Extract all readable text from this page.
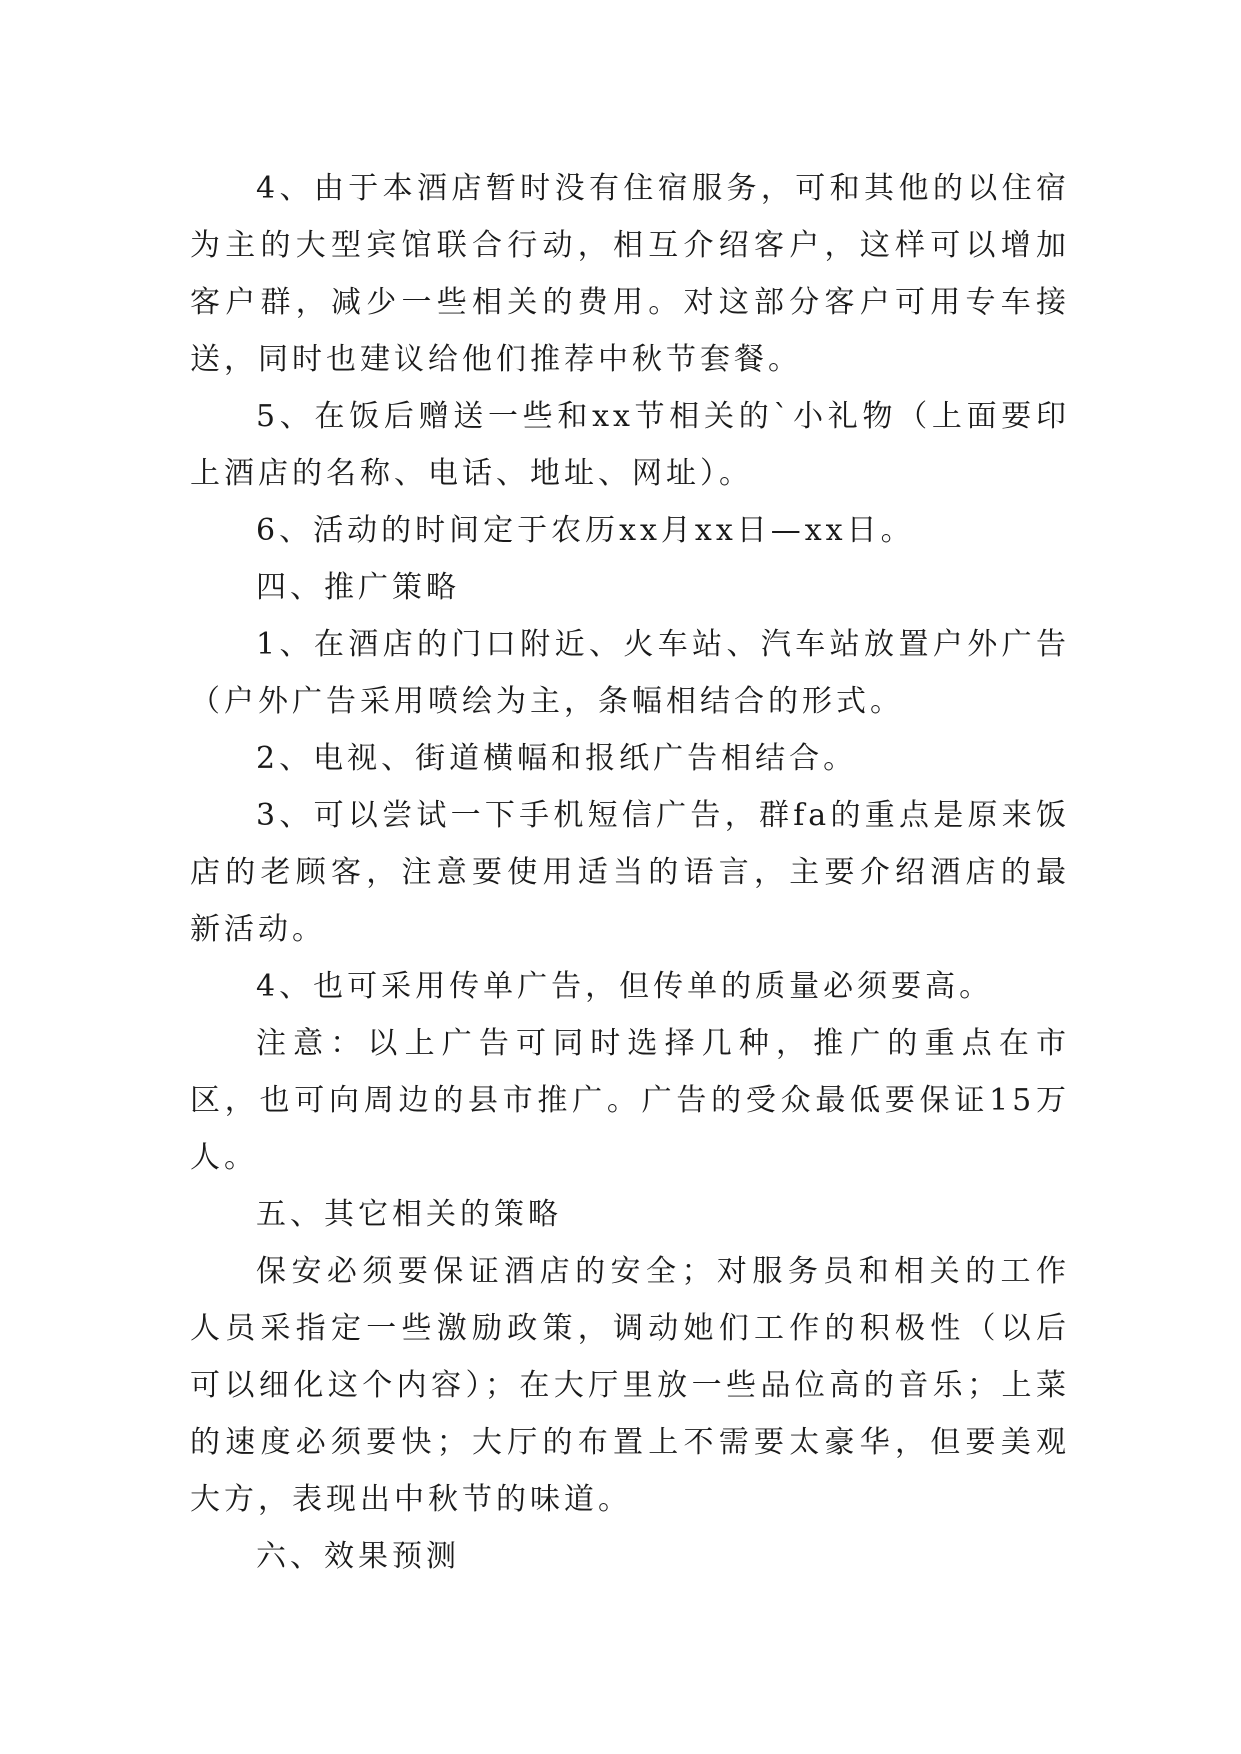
4、由于本酒店暂时没有住宿服务，可和其他的以住宿为主的大型宾馆联合行动，相互介绍客户，这样可以增加客户群，减少一些相关的费用。对这部分客户可用专车接送，同时也建议给他们推荐中秋节套餐。

5、在饭后赠送一些和xx节相关的`小礼物（上面要印上酒店的名称、电话、地址、网址）。

6、活动的时间定于农历xx月xx日—xx日。

四、推广策略

1、在酒店的门口附近、火车站、汽车站放置户外广告（户外广告采用喷绘为主，条幅相结合的形式。

2、电视、街道横幅和报纸广告相结合。

3、可以尝试一下手机短信广告，群fa的重点是原来饭店的老顾客，注意要使用适当的语言，主要介绍酒店的最新活动。

4、也可采用传单广告，但传单的质量必须要高。

注意：以上广告可同时选择几种，推广的重点在市区，也可向周边的县市推广。广告的受众最低要保证15万人。

五、其它相关的策略

保安必须要保证酒店的安全；对服务员和相关的工作人员采指定一些激励政策，调动她们工作的积极性（以后可以细化这个内容）；在大厅里放一些品位高的音乐；上菜的速度必须要快；大厅的布置上不需要太豪华，但要美观大方，表现出中秋节的味道。

六、效果预测
